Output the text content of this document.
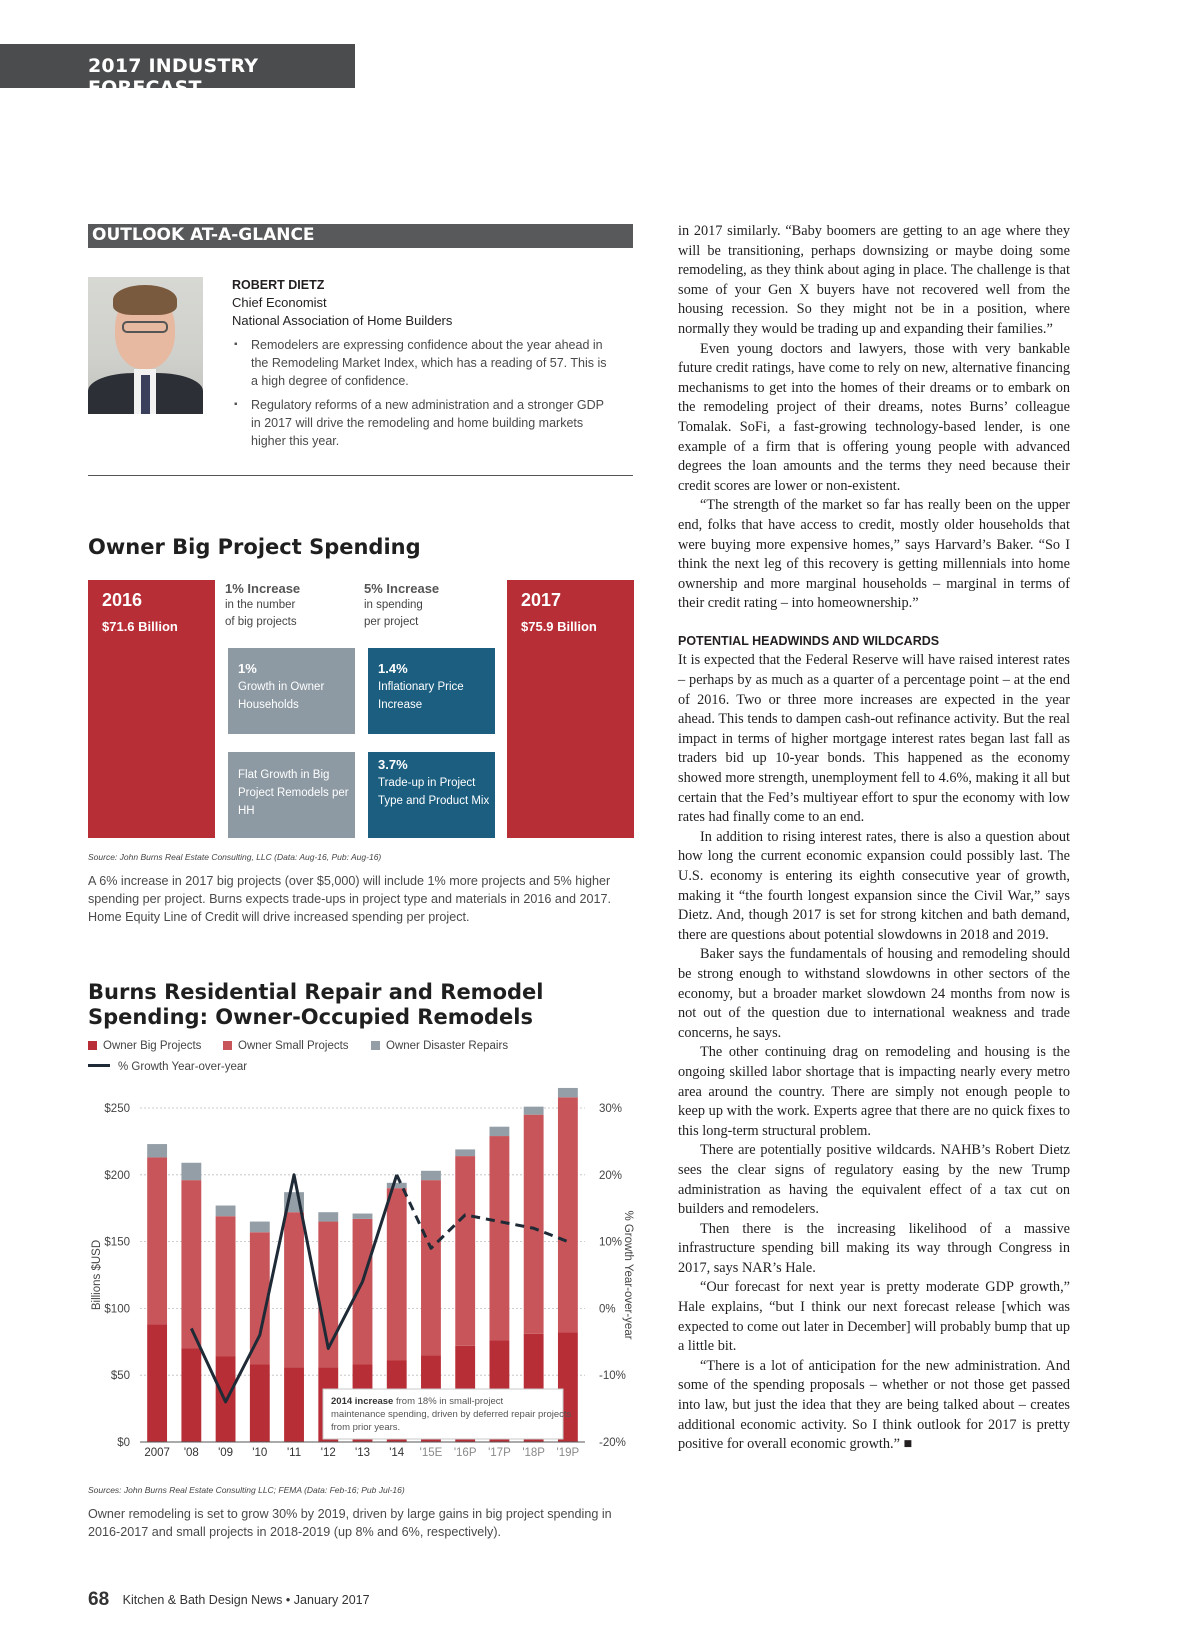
2017 INDUSTRY FORECAST
OUTLOOK AT-A-GLANCE
ROBERT DIETZ
Chief Economist
National Association of Home Builders
▪ Remodelers are expressing confidence about the year ahead in the Remodeling Market Index, which has a reading of 57. This is a high degree of confidence.
▪ Regulatory reforms of a new administration and a stronger GDP in 2017 will drive the remodeling and home building markets higher this year.
Owner Big Project Spending
2016
$71.6 Billion
1% Increase
in the number
of big projects
5% Increase
in spending
per project
1%
Growth in Owner Households
1.4%
Inflationary Price Increase
Flat Growth in Big Project Remodels per HH
3.7%
Trade-up in Project Type and Product Mix
2017
$75.9 Billion
Source: John Burns Real Estate Consulting, LLC (Data: Aug-16, Pub: Aug-16)
A 6% increase in 2017 big projects (over $5,000) will include 1% more projects and 5% higher spending per project. Burns expects trade-ups in project type and materials in 2016 and 2017. Home Equity Line of Credit will drive increased spending per project.
Burns Residential Repair and Remodel Spending: Owner-Occupied Remodels
Owner Big Projects	Owner Small Projects	Owner Disaster Repairs
% Growth Year-over-year
$0
$50
$100
$150
$200
$250
-20%
-10%
0%
10%
20%
30%
Billions $USD	% Growth Year-over-year
2007 '08 '09 '10 '11 '12 '13 '14 '15E '16P '17P '18P '19P
2014 increase from 18% in small-project
maintenance spending, driven by deferred repair projects
from prior years.
Sources: John Burns Real Estate Consulting LLC; FEMA (Data: Feb-16; Pub Jul-16)
Owner remodeling is set to grow 30% by 2019, driven by large gains in big project spending in 2016-2017 and small projects in 2018-2019 (up 8% and 6%, respectively).

in 2017 similarly. “Baby boomers are getting to an age where they will be transitioning, perhaps downsizing or maybe doing some remodeling, as they think about aging in place. The challenge is that some of your Gen X buyers have not recovered well from the housing recession. So they might not be in a position, where normally they would be trading up and expanding their families.”

Even young doctors and lawyers, those with very bankable future credit ratings, have come to rely on new, alternative financing mechanisms to get into the homes of their dreams or to embark on the remodeling project of their dreams, notes Burns’ colleague Tomalak. SoFi, a fast-growing technology-based lender, is one example of a firm that is offering young people with advanced degrees the loan amounts and the terms they need because their credit scores are lower or non-existent.

“The strength of the market so far has really been on the upper end, folks that have access to credit, mostly older households that were buying more expensive homes,” says Harvard’s Baker. “So I think the next leg of this recovery is getting millennials into home ownership and more marginal households – marginal in terms of their credit rating – into homeownership.”

POTENTIAL HEADWINDS AND WILDCARDS

It is expected that the Federal Reserve will have raised interest rates – perhaps by as much as a quarter of a percentage point – at the end of 2016. Two or three more increases are expected in the year ahead. This tends to dampen cash-out refinance activity. But the real impact in terms of higher mortgage interest rates began last fall as traders bid up 10-year bonds. This happened as the economy showed more strength, unemployment fell to 4.6%, making it all but certain that the Fed’s multiyear effort to spur the economy with low rates had finally come to an end.

In addition to rising interest rates, there is also a question about how long the current economic expansion could possibly last. The U.S. economy is entering its eighth consecutive year of growth, making it “the fourth longest expansion since the Civil War,” says Dietz. And, though 2017 is set for strong kitchen and bath demand, there are questions about potential slowdowns in 2018 and 2019.

Baker says the fundamentals of housing and remodeling should be strong enough to withstand slowdowns in other sectors of the economy, but a broader market slowdown 24 months from now is not out of the question due to international weakness and trade concerns, he says.

The other continuing drag on remodeling and housing is the ongoing skilled labor shortage that is impacting nearly every metro area around the country. There are simply not enough people to keep up with the work. Experts agree that there are no quick fixes to this long-term structural problem.

There are potentially positive wildcards. NAHB’s Robert Dietz sees the clear signs of regulatory easing by the new Trump administration as having the equivalent effect of a tax cut on builders and remodelers.

Then there is the increasing likelihood of a massive infrastructure spending bill making its way through Congress in 2017, says NAR’s Hale.

“Our forecast for next year is pretty moderate GDP growth,” Hale explains, “but I think our next forecast release [which was expected to come out later in December] will probably bump that up a little bit.

“There is a lot of anticipation for the new administration. And some of the spending proposals – whether or not those get passed into law, but just the idea that they are being talked about – creates additional economic activity. So I think outlook for 2017 is pretty positive for overall economic growth.” ■

68 Kitchen & Bath Design News • January 2017
